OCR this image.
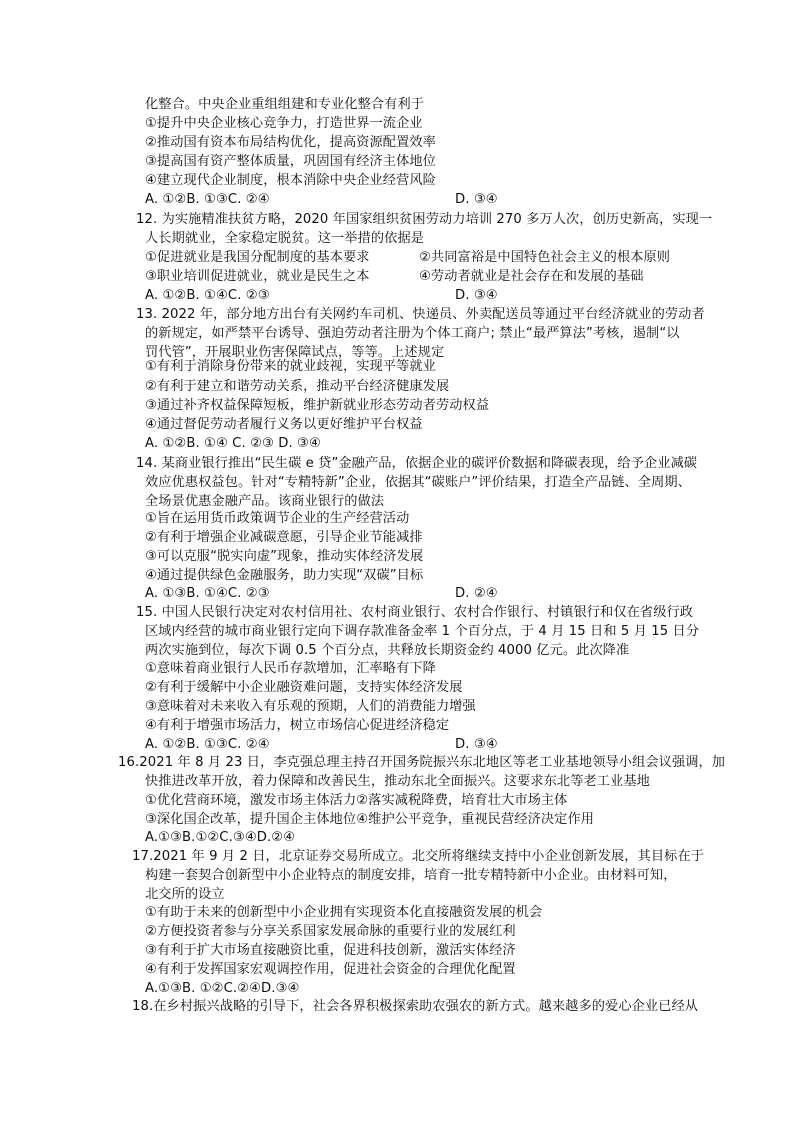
化整合。中央企业重组组建和专业化整合有利于
①提升中央企业核心竞争力，打造世界一流企业
②推动国有资本布局结构优化，提高资源配置效率
③提高国有资产整体质量，巩固国有经济主体地位
④建立现代企业制度，根本消除中央企业经营风险
A. ①②B. ①③C. ②④	D. ③④
12. 为实施精准扶贫方略，2020 年国家组织贫困劳动力培训 270 多万人次，创历史新高，实现一
人长期就业，全家稳定脱贫。这一举措的依据是
①促进就业是我国分配制度的基本要求	②共同富裕是中国特色社会主义的根本原则
③职业培训促进就业，就业是民生之本	④劳动者就业是社会存在和发展的基础
A. ①②B. ①④C. ②③	D. ③④
13. 2022 年，部分地方出台有关网约车司机、快递员、外卖配送员等通过平台经济就业的劳动者
的新规定，如严禁平台诱导、强迫劳动者注册为个体工商户; 禁止“最严算法”考核，遏制“以
罚代管”，开展职业伤害保障试点，等等。上述规定
①有利于消除身份带来的就业歧视，实现平等就业
②有利于建立和谐劳动关系，推动平台经济健康发展
③通过补齐权益保障短板，维护新就业形态劳动者劳动权益
④通过督促劳动者履行义务以更好维护平台权益
A. ①②B. ①④ C. ②③ D. ③④
14. 某商业银行推出“民生碳 e 贷”金融产品，依据企业的碳评价数据和降碳表现，给予企业减碳
效应优惠权益包。针对“专精特新”企业，依据其“碳账户”评价结果，打造全产品链、全周期、
全场景优惠金融产品。该商业银行的做法
①旨在运用货币政策调节企业的生产经营活动
②有利于增强企业减碳意愿，引导企业节能减排
③可以克服“脱实向虚”现象，推动实体经济发展
④通过提供绿色金融服务，助力实现“双碳”目标
A. ①③B. ①④C. ②③	D. ②④
15. 中国人民银行决定对农村信用社、农村商业银行、农村合作银行、村镇银行和仅在省级行政
区域内经营的城市商业银行定向下调存款准备金率 1 个百分点，于 4 月 15 日和 5 月 15 日分
两次实施到位，每次下调 0.5 个百分点，共释放长期资金约 4000 亿元。此次降准
①意味着商业银行人民币存款增加，汇率略有下降
②有利于缓解中小企业融资难问题，支持实体经济发展
③意味着对未来收入有乐观的预期，人们的消费能力增强
④有利于增强市场活力，树立市场信心促进经济稳定
A. ①②B. ①③C. ②④	D. ③④
16.2021 年 8 月 23 日，李克强总理主持召开国务院振兴东北地区等老工业基地领导小组会议强调，加
快推进改革开放，着力保障和改善民生，推动东北全面振兴。这要求东北等老工业基地
①优化营商环境，激发市场主体活力②落实减税降费，培育壮大市场主体
③深化国企改革，提升国企主体地位④维护公平竞争，重视民营经济决定作用
A.①③B.①②C.③④D.②④
17.2021 年 9 月 2 日，北京证券交易所成立。北交所将继续支持中小企业创新发展，其目标在于
构建一套契合创新型中小企业特点的制度安排，培育一批专精特新中小企业。由材料可知，
北交所的设立
①有助于未来的创新型中小企业拥有实现资本化直接融资发展的机会
②方便投资者参与分享关系国家发展命脉的重要行业的发展红利
③有利于扩大市场直接融资比重，促进科技创新，激活实体经济
④有利于发挥国家宏观调控作用，促进社会资金的合理优化配置
A.①③B. ①②C.②④D.③④
18.在乡村振兴战略的引导下，社会各界积极探索助农强农的新方式。越来越多的爱心企业已经从
